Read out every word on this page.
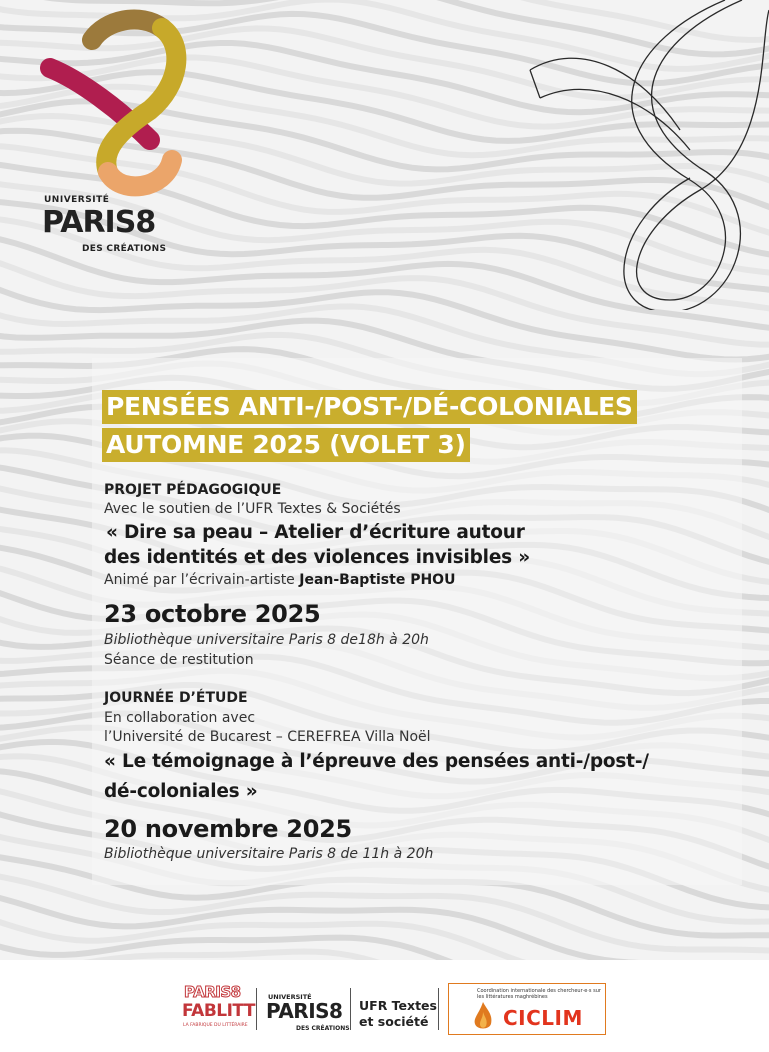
UNIVERSITÉ
PARIS8
DES CRÉATIONS
PENSÉES ANTI-/POST-/DÉ-COLONIALES
AUTOMNE 2025 (VOLET 3)
PROJET PÉDAGOGIQUE
Avec le soutien de l’UFR Textes & Sociétés
« Dire sa peau – Atelier d’écriture autour
des identités et des violences invisibles »
Animé par l’écrivain-artiste Jean-Baptiste PHOU
23 octobre 2025
Bibliothèque universitaire Paris 8 de18h à 20h
Séance de restitution
JOURNÉE D’ÉTUDE
En collaboration avec
l’Université de Bucarest – CEREFREA Villa Noël
« Le témoignage à l’épreuve des pensées anti-/post-/
dé-coloniales »
20 novembre 2025
Bibliothèque universitaire Paris 8 de 11h à 20h
PARIS8
FABLITT
LA FABRIQUE DU LITTÉRAIRE
UNIVERSITÉ
PARIS8
DES CRÉATIONS
UFR Textes
et société
Coordination internationale des chercheur·e·s sur les littératures maghrébines
CICLIM
